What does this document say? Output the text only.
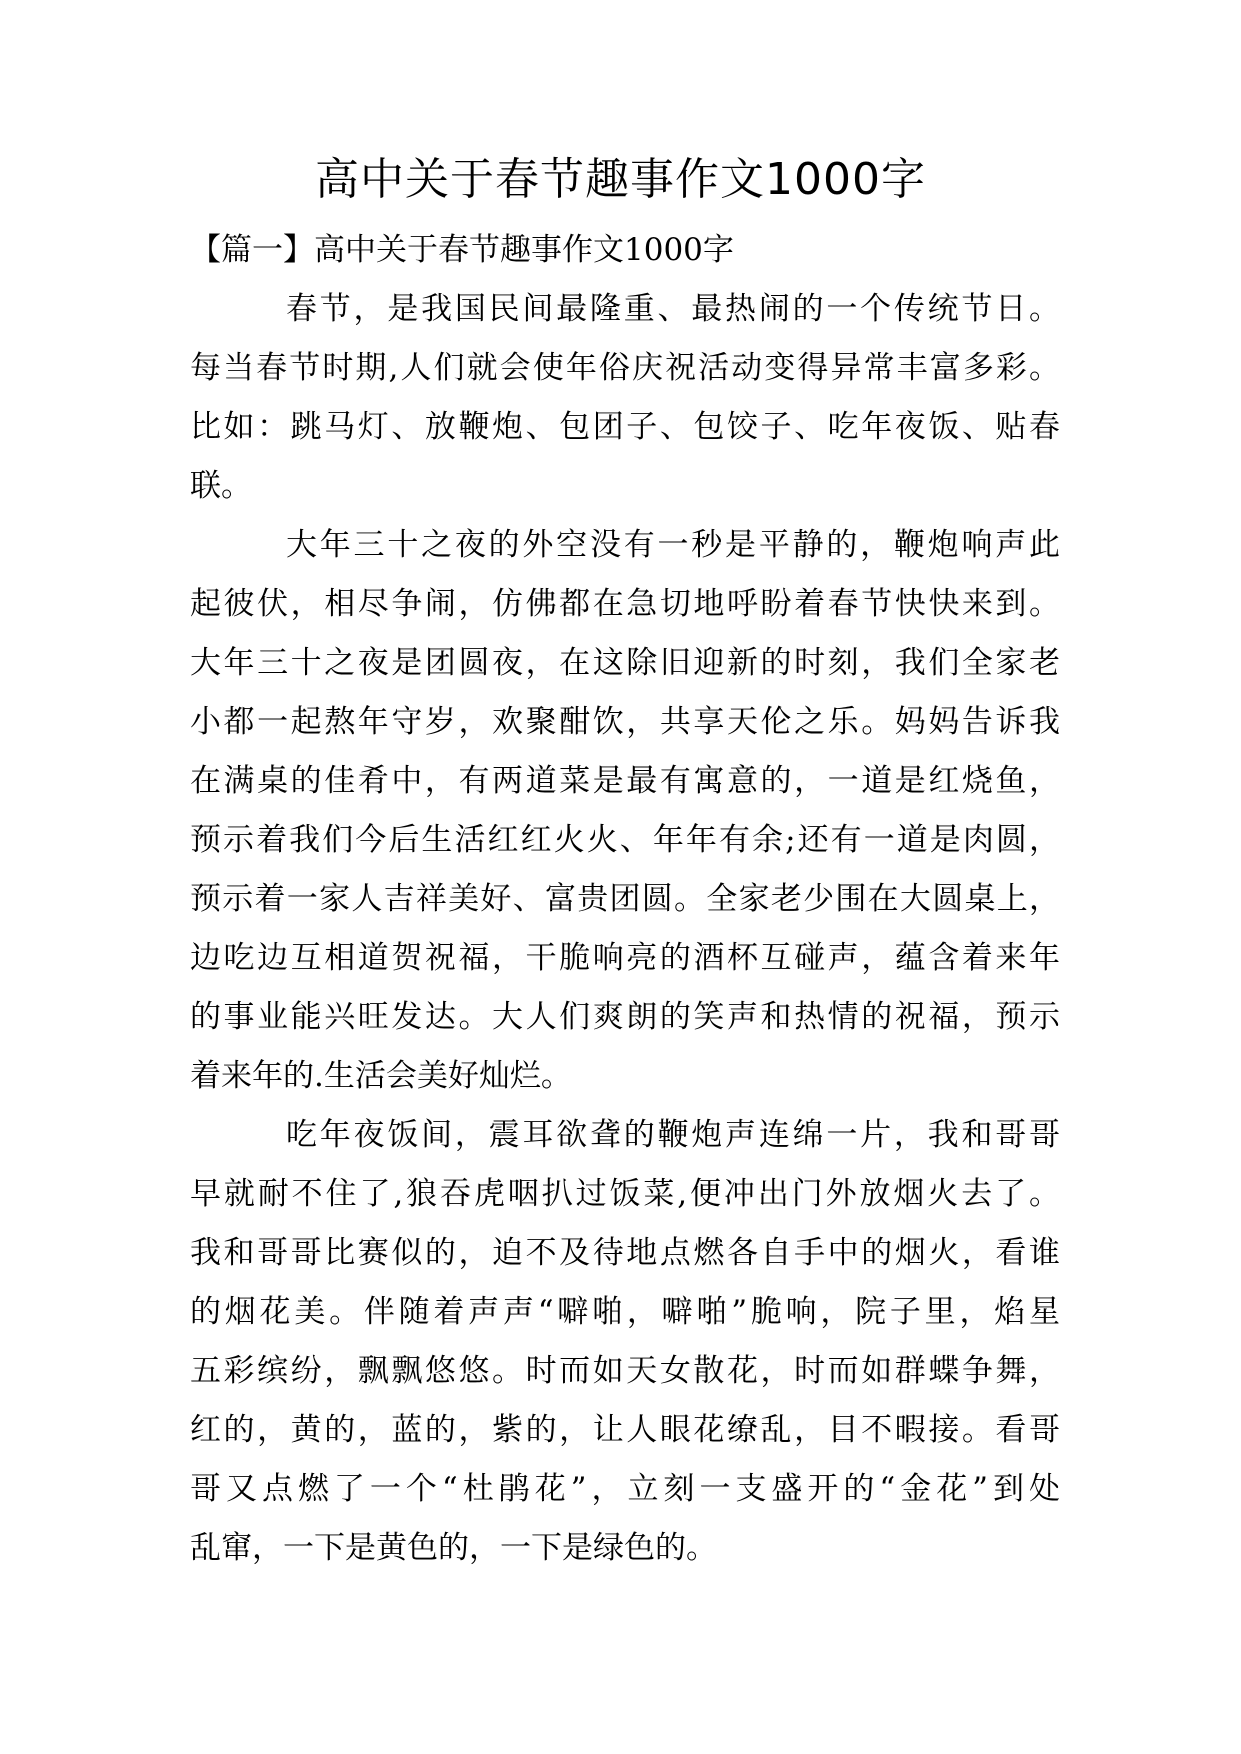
高中关于春节趣事作文1000字
【篇一】高中关于春节趣事作文1000字
春节，是我国民间最隆重、最热闹的一个传统节日。
每当春节时期,人们就会使年俗庆祝活动变得异常丰富多彩。
比如：跳马灯、放鞭炮、包团子、包饺子、吃年夜饭、贴春
联。
大年三十之夜的外空没有一秒是平静的，鞭炮响声此
起彼伏，相尽争闹，仿佛都在急切地呼盼着春节快快来到。
大年三十之夜是团圆夜，在这除旧迎新的时刻，我们全家老
小都一起熬年守岁，欢聚酣饮，共享天伦之乐。妈妈告诉我
在满桌的佳肴中，有两道菜是最有寓意的，一道是红烧鱼，
预示着我们今后生活红红火火、年年有余;还有一道是肉圆，
预示着一家人吉祥美好、富贵团圆。全家老少围在大圆桌上，
边吃边互相道贺祝福，干脆响亮的酒杯互碰声，蕴含着来年
的事业能兴旺发达。大人们爽朗的笑声和热情的祝福，预示
着来年的.生活会美好灿烂。
吃年夜饭间，震耳欲聋的鞭炮声连绵一片，我和哥哥
早就耐不住了,狼吞虎咽扒过饭菜,便冲出门外放烟火去了。
我和哥哥比赛似的，迫不及待地点燃各自手中的烟火，看谁
的烟花美。伴随着声声“噼啪，噼啪”脆响，院子里，焰星
五彩缤纷，飘飘悠悠。时而如天女散花，时而如群蝶争舞，
红的，黄的，蓝的，紫的，让人眼花缭乱，目不暇接。看哥
哥又点燃了一个“杜鹃花”，立刻一支盛开的“金花”到处
乱窜，一下是黄色的，一下是绿色的。
